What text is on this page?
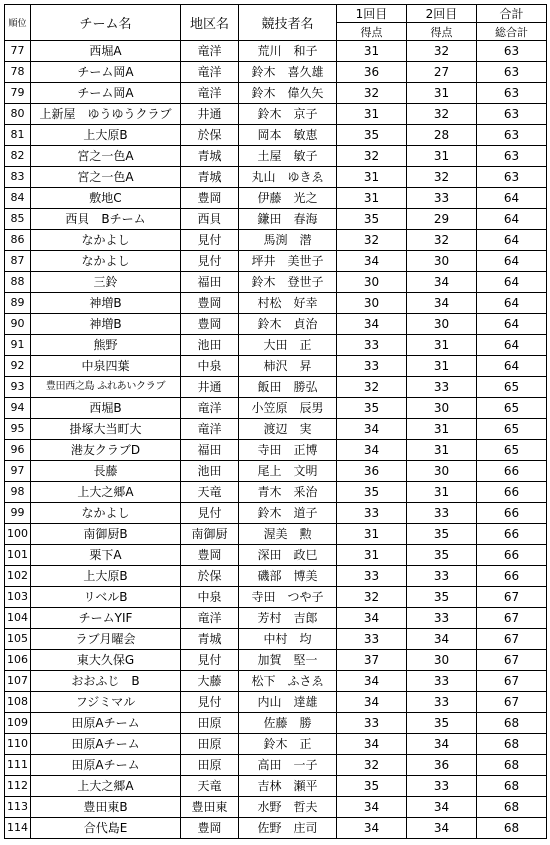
順位	チーム名	地区名	競技者名	1回目	2回目	合計
				得点	得点	総合計
77	西堀A	竜洋	荒川　和子	31	32	63
78	チーム岡A	竜洋	鈴木　喜久雄	36	27	63
79	チーム岡A	竜洋	鈴木　偉久矢	32	31	63
80	上新屋　ゆうゆうクラブ	井通	鈴木　京子	31	32	63
81	上大原B	於保	岡本　敏恵	35	28	63
82	宮之一色A	青城	土屋　敏子	32	31	63
83	宮之一色A	青城	丸山　ゆきゑ	31	32	63
84	敷地C	豊岡	伊藤　光之	31	33	64
85	西貝　Bチーム	西貝	鎌田　春海	35	29	64
86	なかよし	見付	馬渕　潜	32	32	64
87	なかよし	見付	坪井　美世子	34	30	64
88	三鈴	福田	鈴木　登世子	30	34	64
89	神増B	豊岡	村松　好幸	30	34	64
90	神増B	豊岡	鈴木　貞治	34	30	64
91	熊野	池田	大田　正	33	31	64
92	中泉四葉	中泉	柿沢　昇	33	31	64
93	豊田西之島 ふれあいクラブ	井通	飯田　勝弘	32	33	65
94	西堀B	竜洋	小笠原　辰男	35	30	65
95	掛塚大当町大	竜洋	渡辺　実	34	31	65
96	港友クラブD	福田	寺田　正博	34	31	65
97	長藤	池田	尾上　文明	36	30	66
98	上大之郷A	天竜	青木　釆治	35	31	66
99	なかよし	見付	鈴木　道子	33	33	66
100	南御厨B	南御厨	渥美　勲	31	35	66
101	栗下A	豊岡	深田　政巳	31	35	66
102	上大原B	於保	磯部　博美	33	33	66
103	リベルB	中泉	寺田　つや子	32	35	67
104	チームYIF	竜洋	芳村　吉郎	34	33	67
105	ラブ月曜会	青城	中村　均	33	34	67
106	東大久保G	見付	加賀　堅一	37	30	67
107	おおふじ　B	大藤	松下　ふさゑ	34	33	67
108	フジミマル	見付	内山　達雄	34	33	67
109	田原Aチーム	田原	佐藤　勝	33	35	68
110	田原Aチーム	田原	鈴木　正	34	34	68
111	田原Aチーム	田原	高田　一子	32	36	68
112	上大之郷A	天竜	吉林　瀬平	35	33	68
113	豊田東B	豊田東	水野　哲夫	34	34	68
114	合代島E	豊岡	佐野　庄司	34	34	68
